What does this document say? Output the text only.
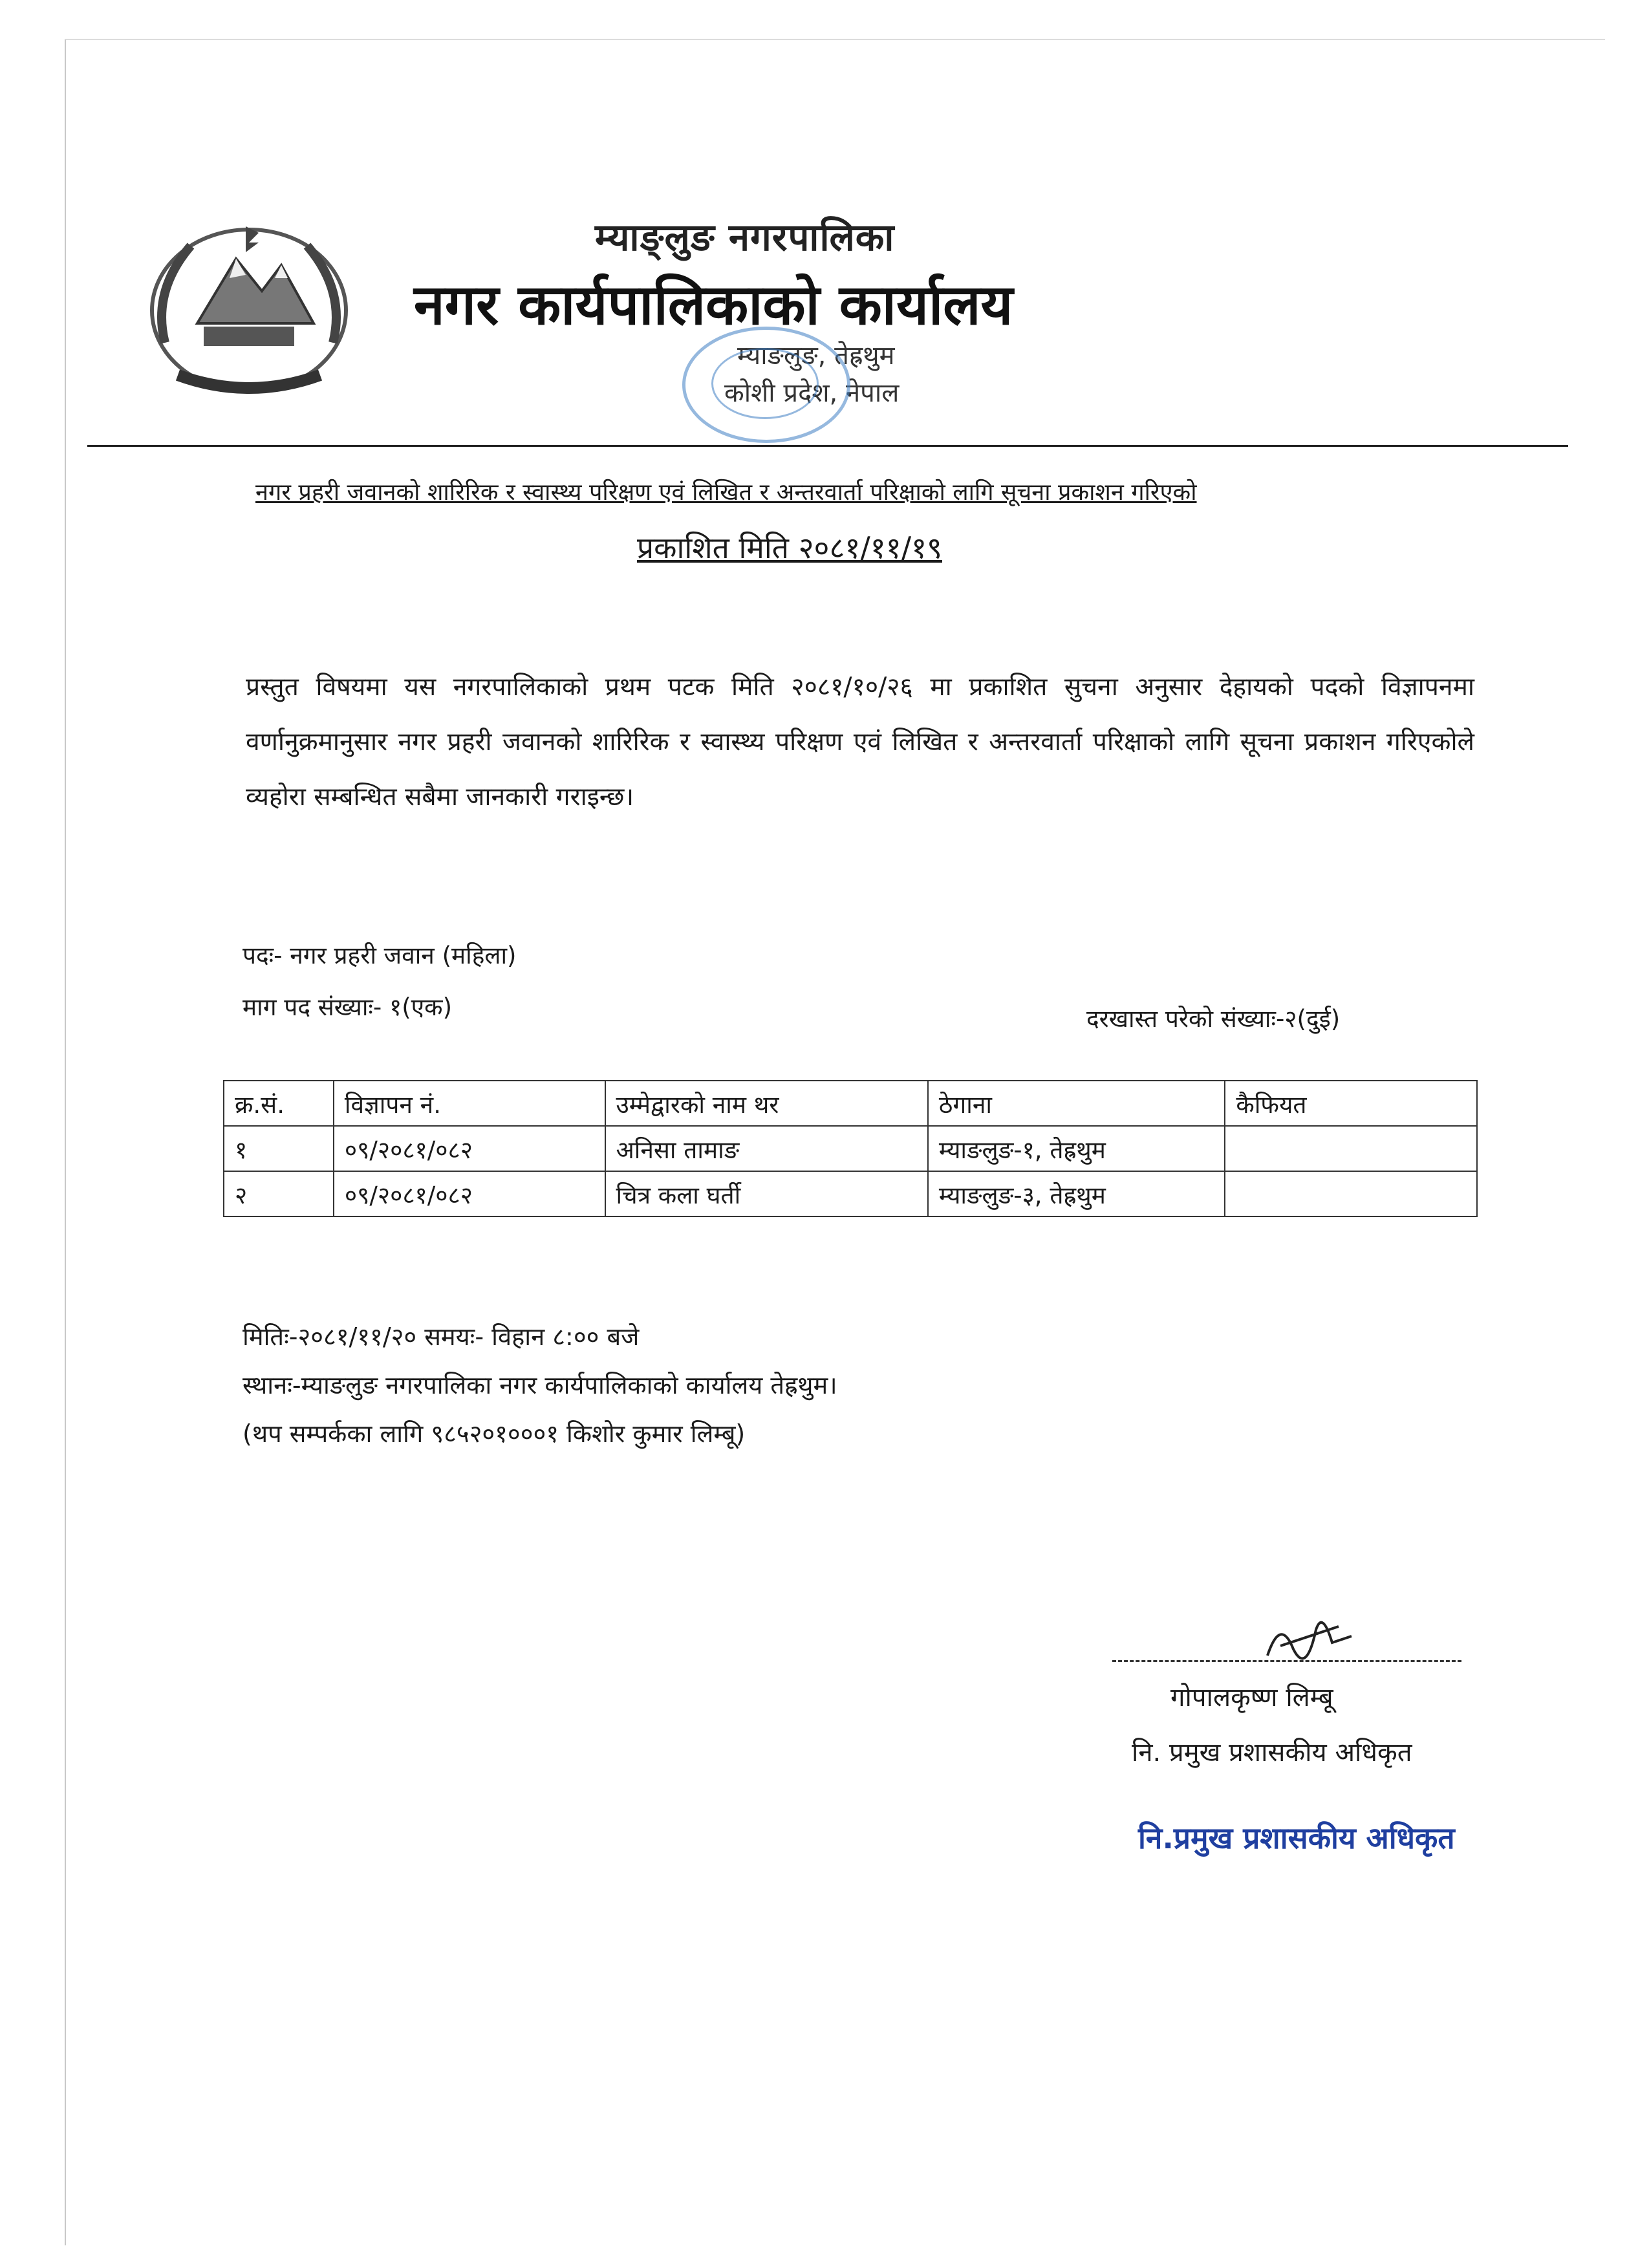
म्याङ्लुङ नगरपालिका
नगर कार्यपालिकाको कार्यालय
म्याङलुङ, तेह्रथुम
कोशी प्रदेश, नेपाल
नगर प्रहरी जवानको शारिरिक र स्वास्थ्य परिक्षण एवं लिखित र अन्तरवार्ता परिक्षाको लागि सूचना प्रकाशन गरिएको
प्रकाशित मिति २०८१/११/१९
प्रस्तुत विषयमा यस नगरपालिकाको प्रथम पटक मिति २०८१/१०/२६ मा प्रकाशित सुचना अनुसार देहायको पदको विज्ञापनमा वर्णानुक्रमानुसार नगर प्रहरी जवानको शारिरिक र स्वास्थ्य परिक्षण एवं लिखित र अन्तरवार्ता परिक्षाको लागि सूचना प्रकाशन गरिएकोले व्यहोरा सम्बन्धित सबैमा जानकारी गराइन्छ।
पदः- नगर प्रहरी जवान (महिला)
माग पद संख्याः- १(एक)	दरखास्त परेको संख्याः-२(दुई)
क्र.सं.	विज्ञापन नं.	उम्मेद्वारको नाम थर	ठेगाना	कैफियत
१	०९/२०८१/०८२	अनिसा तामाङ	म्याङलुङ-१, तेह्रथुम	
२	०९/२०८१/०८२	चित्र कला घर्ती	म्याङलुङ-३, तेह्रथुम	
मितिः-२०८१/११/२० समयः- विहान ८:०० बजे
स्थानः-म्याङलुङ नगरपालिका नगर कार्यपालिकाको कार्यालय तेह्रथुम।
(थप सम्पर्कका लागि ९८५२०१०००१ किशोर कुमार लिम्बू)
गोपालकृष्ण लिम्बू
नि. प्रमुख प्रशासकीय अधिकृत
नि.प्रमुख प्रशासकीय अधिकृत
